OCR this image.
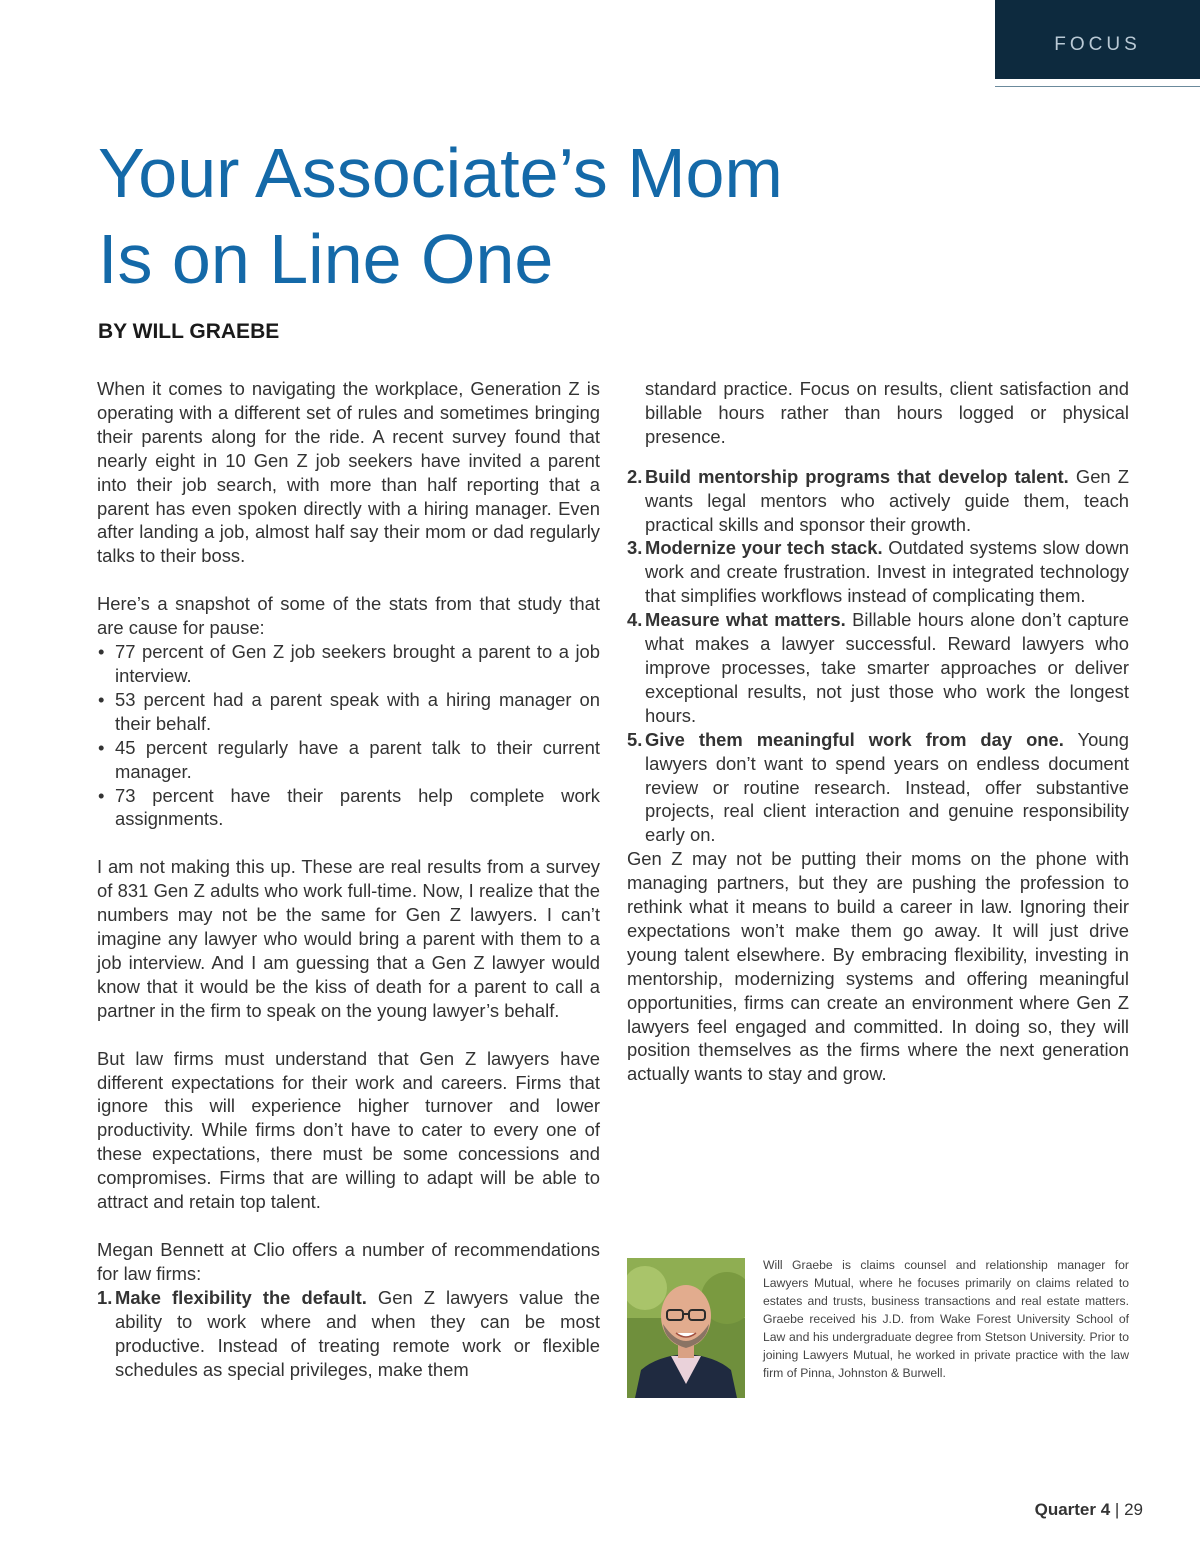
FOCUS
Your Associate’s Mom
Is on Line One

BY WILL GRAEBE

When it comes to navigating the workplace, Generation Z is operating with a different set of rules and sometimes bringing their parents along for the ride. A recent survey found that nearly eight in 10 Gen Z job seekers have invited a parent into their job search, with more than half reporting that a parent has even spoken directly with a hiring manager. Even after landing a job, almost half say their mom or dad regularly talks to their boss.

Here’s a snapshot of some of the stats from that study that are cause for pause:

• 77 percent of Gen Z job seekers brought a parent to a job interview.
• 53 percent had a parent speak with a hiring manager on their behalf.
• 45 percent regularly have a parent talk to their current manager.
• 73 percent have their parents help complete work assignments.

I am not making this up. These are real results from a survey of 831 Gen Z adults who work full-time. Now, I realize that the numbers may not be the same for Gen Z lawyers. I can’t imagine any lawyer who would bring a parent with them to a job interview. And I am guessing that a Gen Z lawyer would know that it would be the kiss of death for a parent to call a partner in the firm to speak on the young lawyer’s behalf.

But law firms must understand that Gen Z lawyers have different expectations for their work and careers. Firms that ignore this will experience higher turnover and lower productivity. While firms don’t have to cater to every one of these expectations, there must be some concessions and compromises. Firms that are willing to adapt will be able to attract and retain top talent.

Megan Bennett at Clio offers a number of recommendations for law firms:

1. Make flexibility the default. Gen Z lawyers value the ability to work where and when they can be most productive. Instead of treating remote work or flexible schedules as special privileges, make them

standard practice. Focus on results, client satisfaction and billable hours rather than hours logged or physical presence.

2. Build mentorship programs that develop talent. Gen Z wants legal mentors who actively guide them, teach practical skills and sponsor their growth.

3. Modernize your tech stack. Outdated systems slow down work and create frustration. Invest in integrated technology that simplifies workflows instead of complicating them.

4. Measure what matters. Billable hours alone don’t capture what makes a lawyer successful. Reward lawyers who improve processes, take smarter approaches or deliver exceptional results, not just those who work the longest hours.

5. Give them meaningful work from day one. Young lawyers don’t want to spend years on endless document review or routine research. Instead, offer substantive projects, real client interaction and genuine responsibility early on.

Gen Z may not be putting their moms on the phone with managing partners, but they are pushing the profession to rethink what it means to build a career in law. Ignoring their expectations won’t make them go away. It will just drive young talent elsewhere. By embracing flexibility, investing in mentorship, modernizing systems and offering meaningful opportunities, firms can create an environment where Gen Z lawyers feel engaged and committed. In doing so, they will position themselves as the firms where the next generation actually wants to stay and grow.

Will Graebe is claims counsel and relationship manager for Lawyers Mutual, where he focuses primarily on claims related to estates and trusts, business transactions and real estate matters. Graebe received his J.D. from Wake Forest University School of Law and his undergraduate degree from Stetson University. Prior to joining Lawyers Mutual, he worked in private practice with the law firm of Pinna, Johnston & Burwell.

Quarter 4 | 29
